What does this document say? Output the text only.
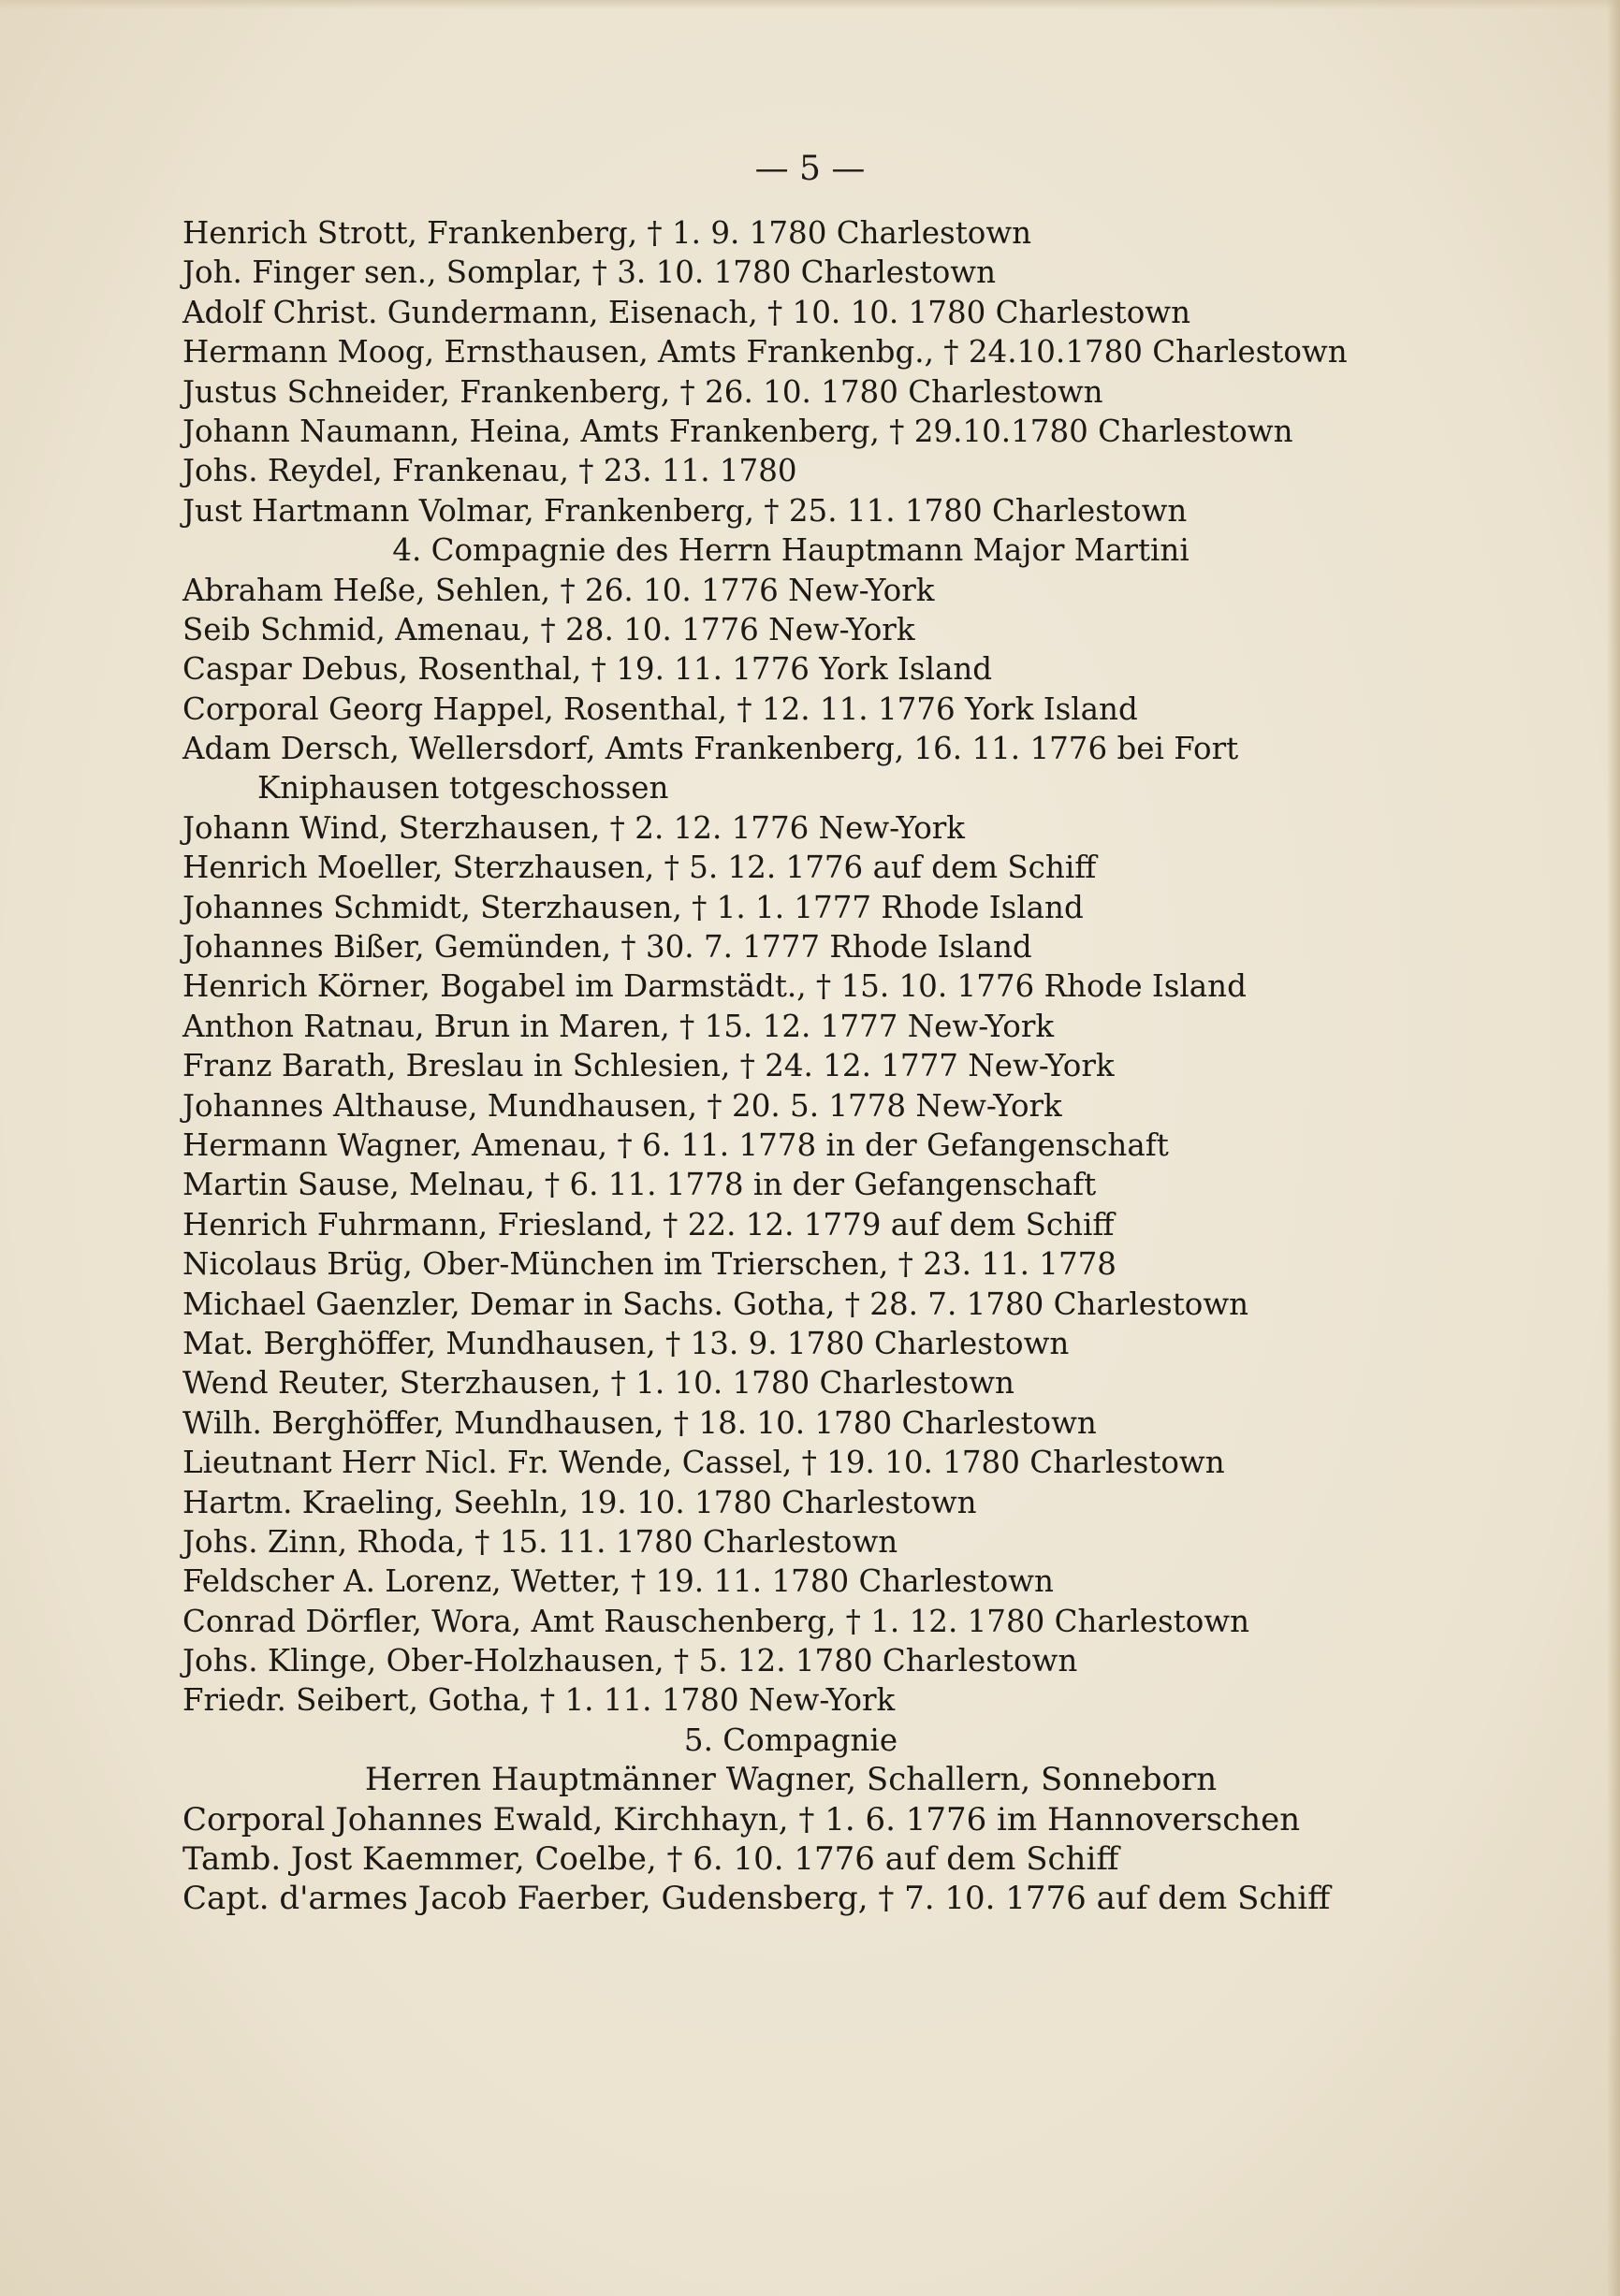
— 5 —
Henrich Strott, Frankenberg, † 1. 9. 1780 Charlestown
Joh. Finger sen., Somplar, † 3. 10. 1780 Charlestown
Adolf Christ. Gundermann, Eisenach, † 10. 10. 1780 Charlestown
Hermann Moog, Ernsthausen, Amts Frankenbg., † 24.10.1780 Charlestown
Justus Schneider, Frankenberg, † 26. 10. 1780 Charlestown
Johann Naumann, Heina, Amts Frankenberg, † 29.10.1780 Charlestown
Johs. Reydel, Frankenau, † 23. 11. 1780
Just Hartmann Volmar, Frankenberg, † 25. 11. 1780 Charlestown
4. Compagnie des Herrn Hauptmann Major Martini
Abraham Heße, Sehlen, † 26. 10. 1776 New-York
Seib Schmid, Amenau, † 28. 10. 1776 New-York
Caspar Debus, Rosenthal, † 19. 11. 1776 York Island
Corporal Georg Happel, Rosenthal, † 12. 11. 1776 York Island
Adam Dersch, Wellersdorf, Amts Frankenberg, 16. 11. 1776 bei Fort
Kniphausen totgeschossen
Johann Wind, Sterzhausen, † 2. 12. 1776 New-York
Henrich Moeller, Sterzhausen, † 5. 12. 1776 auf dem Schiff
Johannes Schmidt, Sterzhausen, † 1. 1. 1777 Rhode Island
Johannes Bißer, Gemünden, † 30. 7. 1777 Rhode Island
Henrich Körner, Bogabel im Darmstädt., † 15. 10. 1776 Rhode Island
Anthon Ratnau, Brun in Maren, † 15. 12. 1777 New-York
Franz Barath, Breslau in Schlesien, † 24. 12. 1777 New-York
Johannes Althause, Mundhausen, † 20. 5. 1778 New-York
Hermann Wagner, Amenau, † 6. 11. 1778 in der Gefangenschaft
Martin Sause, Melnau, † 6. 11. 1778 in der Gefangenschaft
Henrich Fuhrmann, Friesland, † 22. 12. 1779 auf dem Schiff
Nicolaus Brüg, Ober-München im Trierschen, † 23. 11. 1778
Michael Gaenzler, Demar in Sachs. Gotha, † 28. 7. 1780 Charlestown
Mat. Berghöffer, Mundhausen, † 13. 9. 1780 Charlestown
Wend Reuter, Sterzhausen, † 1. 10. 1780 Charlestown
Wilh. Berghöffer, Mundhausen, † 18. 10. 1780 Charlestown
Lieutnant Herr Nicl. Fr. Wende, Cassel, † 19. 10. 1780 Charlestown
Hartm. Kraeling, Seehln, 19. 10. 1780 Charlestown
Johs. Zinn, Rhoda, † 15. 11. 1780 Charlestown
Feldscher A. Lorenz, Wetter, † 19. 11. 1780 Charlestown
Conrad Dörfler, Wora, Amt Rauschenberg, † 1. 12. 1780 Charlestown
Johs. Klinge, Ober-Holzhausen, † 5. 12. 1780 Charlestown
Friedr. Seibert, Gotha, † 1. 11. 1780 New-York
5. Compagnie
Herren Hauptmänner Wagner, Schallern, Sonneborn
Corporal Johannes Ewald, Kirchhayn, † 1. 6. 1776 im Hannoverschen
Tamb. Jost Kaemmer, Coelbe, † 6. 10. 1776 auf dem Schiff
Capt. d'armes Jacob Faerber, Gudensberg, † 7. 10. 1776 auf dem Schiff
